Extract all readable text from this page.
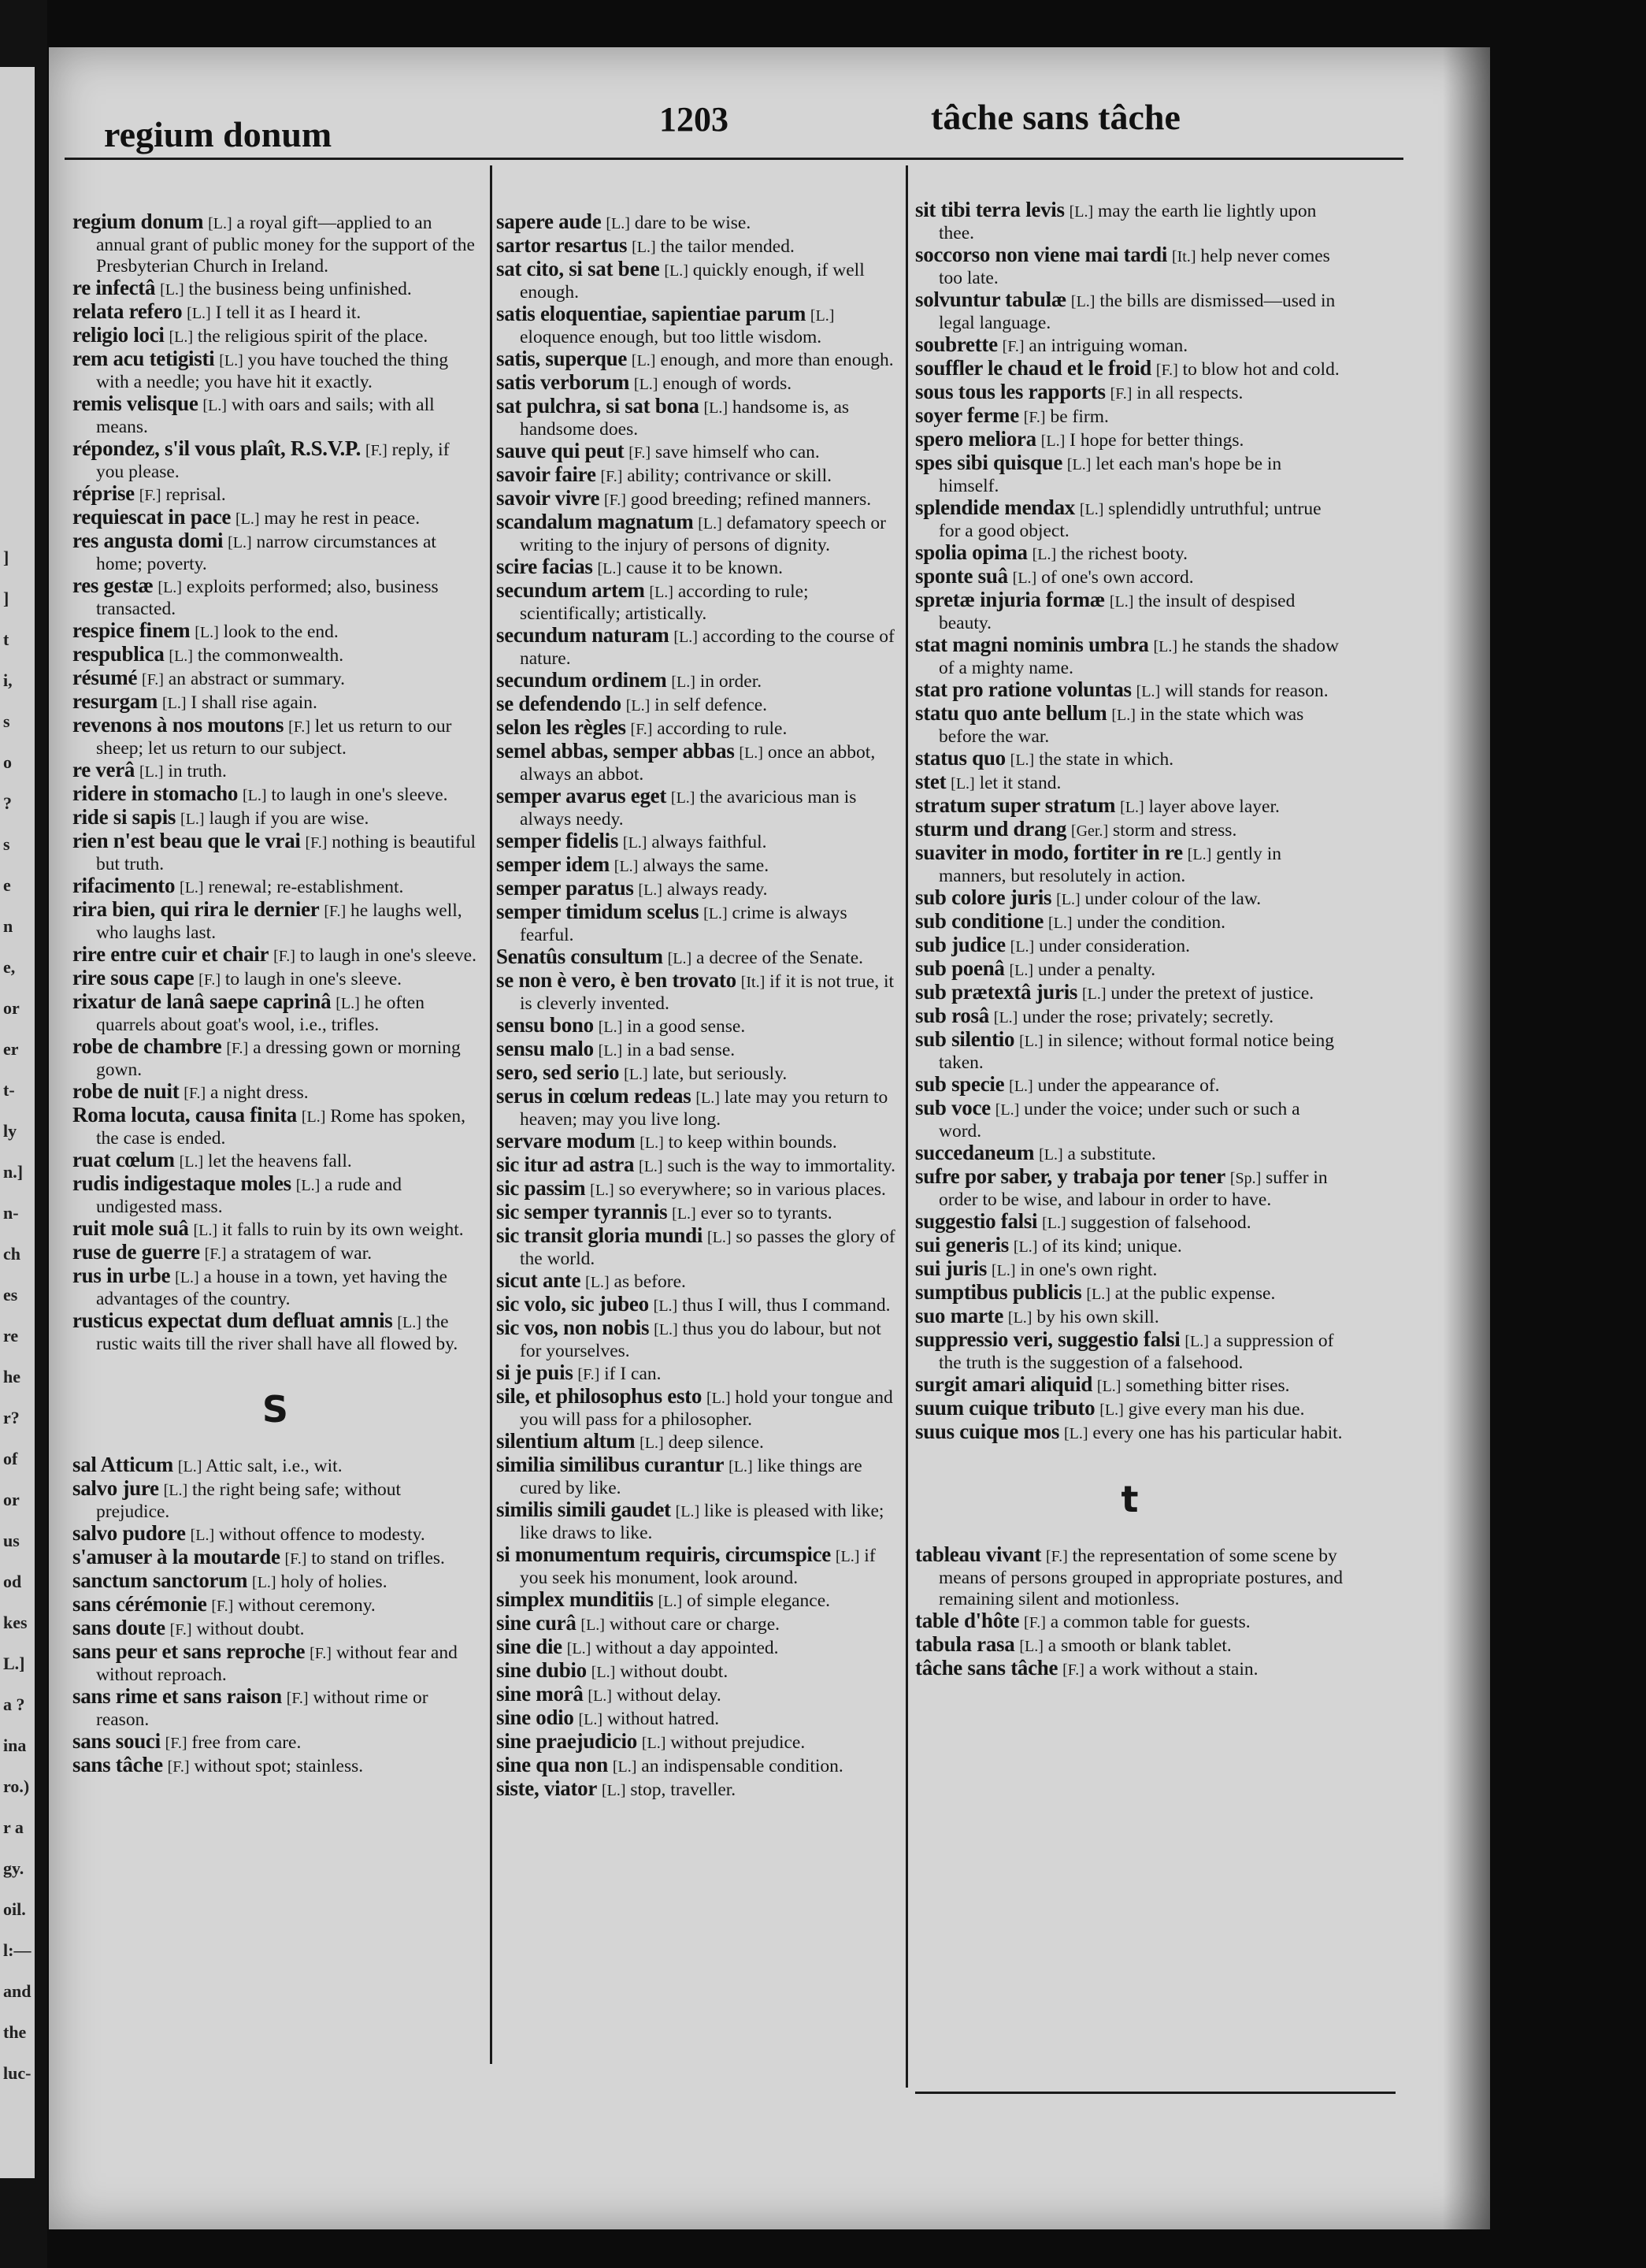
]
]
t
i,
s
o
?
s
e
n
e,
or
er
t-
ly
n.]
n-
ch
es
re
he
r?
of
or
us
od
kes
L.]
a ?
ina
ro.)
r a
gy.
oil.
l:—
and
the
luc-
regium donum	1203	tâche sans tâche

regium donum [L.] a royal gift—applied to an annual grant of public money for the support of the Presbyterian Church in Ireland.

re infectâ [L.] the business being unfinished.

relata refero [L.] I tell it as I heard it.

religio loci [L.] the religious spirit of the place.

rem acu tetigisti [L.] you have touched the thing with a needle; you have hit it exactly.

remis velisque [L.] with oars and sails; with all means.

répondez, s'il vous plaît, R.S.V.P. [F.] reply, if you please.

réprise [F.] reprisal.

requiescat in pace [L.] may he rest in peace.

res angusta domi [L.] narrow circumstances at home; poverty.

res gestæ [L.] exploits performed; also, business transacted.

respice finem [L.] look to the end.

respublica [L.] the commonwealth.

résumé [F.] an abstract or summary.

resurgam [L.] I shall rise again.

revenons à nos moutons [F.] let us return to our sheep; let us return to our subject.

re verâ [L.] in truth.

ridere in stomacho [L.] to laugh in one's sleeve.

ride si sapis [L.] laugh if you are wise.

rien n'est beau que le vrai [F.] nothing is beautiful but truth.

rifacimento [L.] renewal; re-establishment.

rira bien, qui rira le dernier [F.] he laughs well, who laughs last.

rire entre cuir et chair [F.] to laugh in one's sleeve.

rire sous cape [F.] to laugh in one's sleeve.

rixatur de lanâ saepe caprinâ [L.] he often quarrels about goat's wool, i.e., trifles.

robe de chambre [F.] a dressing gown or morning gown.

robe de nuit [F.] a night dress.

Roma locuta, causa finita [L.] Rome has spoken, the case is ended.

ruat cœlum [L.] let the heavens fall.

rudis indigestaque moles [L.] a rude and undigested mass.

ruit mole suâ [L.] it falls to ruin by its own weight.

ruse de guerre [F.] a stratagem of war.

rus in urbe [L.] a house in a town, yet having the advantages of the country.

rusticus expectat dum defluat amnis [L.] the rustic waits till the river shall have all flowed by.

S

sal Atticum [L.] Attic salt, i.e., wit.

salvo jure [L.] the right being safe; without prejudice.

salvo pudore [L.] without offence to modesty.

s'amuser à la moutarde [F.] to stand on trifles.

sanctum sanctorum [L.] holy of holies.

sans cérémonie [F.] without ceremony.

sans doute [F.] without doubt.

sans peur et sans reproche [F.] without fear and without reproach.

sans rime et sans raison [F.] without rime or reason.

sans souci [F.] free from care.

sans tâche [F.] without spot; stainless.

sapere aude [L.] dare to be wise.

sartor resartus [L.] the tailor mended.

sat cito, si sat bene [L.] quickly enough, if well enough.

satis eloquentiae, sapientiae parum [L.] eloquence enough, but too little wisdom.

satis, superque [L.] enough, and more than enough.

satis verborum [L.] enough of words.

sat pulchra, si sat bona [L.] handsome is, as handsome does.

sauve qui peut [F.] save himself who can.

savoir faire [F.] ability; contrivance or skill.

savoir vivre [F.] good breeding; refined manners.

scandalum magnatum [L.] defamatory speech or writing to the injury of persons of dignity.

scire facias [L.] cause it to be known.

secundum artem [L.] according to rule; scientifically; artistically.

secundum naturam [L.] according to the course of nature.

secundum ordinem [L.] in order.

se defendendo [L.] in self defence.

selon les règles [F.] according to rule.

semel abbas, semper abbas [L.] once an abbot, always an abbot.

semper avarus eget [L.] the avaricious man is always needy.

semper fidelis [L.] always faithful.

semper idem [L.] always the same.

semper paratus [L.] always ready.

semper timidum scelus [L.] crime is always fearful.

Senatûs consultum [L.] a decree of the Senate.

se non è vero, è ben trovato [It.] if it is not true, it is cleverly invented.

sensu bono [L.] in a good sense.

sensu malo [L.] in a bad sense.

sero, sed serio [L.] late, but seriously.

serus in cœlum redeas [L.] late may you return to heaven; may you live long.

servare modum [L.] to keep within bounds.

sic itur ad astra [L.] such is the way to immortality.

sic passim [L.] so everywhere; so in various places.

sic semper tyrannis [L.] ever so to tyrants.

sic transit gloria mundi [L.] so passes the glory of the world.

sicut ante [L.] as before.

sic volo, sic jubeo [L.] thus I will, thus I command.

sic vos, non nobis [L.] thus you do labour, but not for yourselves.

si je puis [F.] if I can.

sile, et philosophus esto [L.] hold your tongue and you will pass for a philosopher.

silentium altum [L.] deep silence.

similia similibus curantur [L.] like things are cured by like.

similis simili gaudet [L.] like is pleased with like; like draws to like.

si monumentum requiris, circumspice [L.] if you seek his monument, look around.

simplex munditiis [L.] of simple elegance.

sine curâ [L.] without care or charge.

sine die [L.] without a day appointed.

sine dubio [L.] without doubt.

sine morâ [L.] without delay.

sine odio [L.] without hatred.

sine praejudicio [L.] without prejudice.

sine qua non [L.] an indispensable condition.

siste, viator [L.] stop, traveller.

sit tibi terra levis [L.] may the earth lie lightly upon thee.

soccorso non viene mai tardi [It.] help never comes too late.

solvuntur tabulæ [L.] the bills are dismissed—used in legal language.

soubrette [F.] an intriguing woman.

souffler le chaud et le froid [F.] to blow hot and cold.

sous tous les rapports [F.] in all respects.

soyer ferme [F.] be firm.

spero meliora [L.] I hope for better things.

spes sibi quisque [L.] let each man's hope be in himself.

splendide mendax [L.] splendidly untruthful; untrue for a good object.

spolia opima [L.] the richest booty.

sponte suâ [L.] of one's own accord.

spretæ injuria formæ [L.] the insult of despised beauty.

stat magni nominis umbra [L.] he stands the shadow of a mighty name.

stat pro ratione voluntas [L.] will stands for reason.

statu quo ante bellum [L.] in the state which was before the war.

status quo [L.] the state in which.

stet [L.] let it stand.

stratum super stratum [L.] layer above layer.

sturm und drang [Ger.] storm and stress.

suaviter in modo, fortiter in re [L.] gently in manners, but resolutely in action.

sub colore juris [L.] under colour of the law.

sub conditione [L.] under the condition.

sub judice [L.] under consideration.

sub poenâ [L.] under a penalty.

sub prætextâ juris [L.] under the pretext of justice.

sub rosâ [L.] under the rose; privately; secretly.

sub silentio [L.] in silence; without formal notice being taken.

sub specie [L.] under the appearance of.

sub voce [L.] under the voice; under such or such a word.

succedaneum [L.] a substitute.

sufre por saber, y trabaja por tener [Sp.] suffer in order to be wise, and labour in order to have.

suggestio falsi [L.] suggestion of falsehood.

sui generis [L.] of its kind; unique.

sui juris [L.] in one's own right.

sumptibus publicis [L.] at the public expense.

suo marte [L.] by his own skill.

suppressio veri, suggestio falsi [L.] a suppression of the truth is the suggestion of a falsehood.

surgit amari aliquid [L.] something bitter rises.

suum cuique tributo [L.] give every man his due.

suus cuique mos [L.] every one has his particular habit.

t

tableau vivant [F.] the representation of some scene by means of persons grouped in appropriate postures, and remaining silent and motionless.

table d'hôte [F.] a common table for guests.

tabula rasa [L.] a smooth or blank tablet.

tâche sans tâche [F.] a work without a stain.
